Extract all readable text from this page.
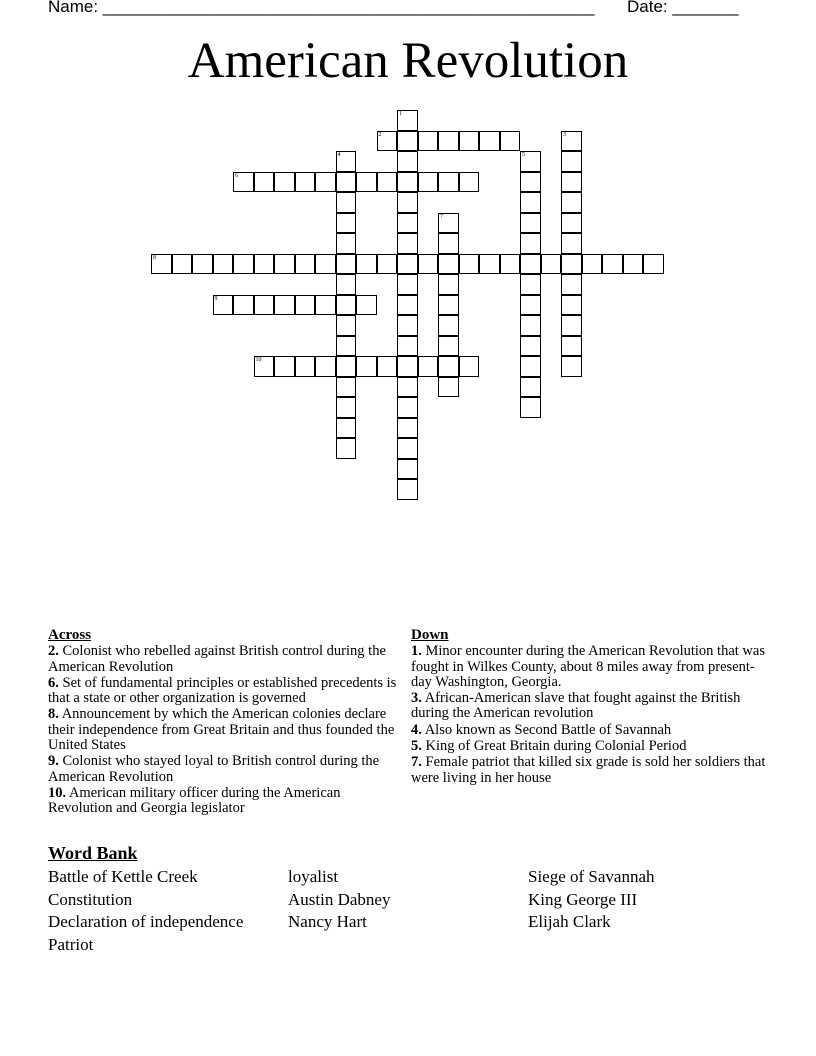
Name: ____________________________________________________ Date: _______
American Revolution
2
6
8
9
10
1
3
4	5
7
Across
2. Colonist who rebelled against British control during the American Revolution
6. Set of fundamental principles or established precedents is that a state or other organization is governed
8. Announcement by which the American colonies declare their independence from Great Britain and thus founded the United States
9. Colonist who stayed loyal to British control during the American Revolution
10. American military officer during the American Revolution and Georgia legislator
Down
1. Minor encounter during the American Revolution that was fought in Wilkes County, about 8 miles away from present-day Washington, Georgia.
3. African-American slave that fought against the British during the American revolution
4. Also known as Second Battle of Savannah
5. King of Great Britain during Colonial Period
7. Female patriot that killed six grade is sold her soldiers that were living in her house
Word Bank
Battle of Kettle Creek
Constitution
Declaration of independence
Patriot
loyalist
Austin Dabney
Nancy Hart
Siege of Savannah
King George III
Elijah Clark
